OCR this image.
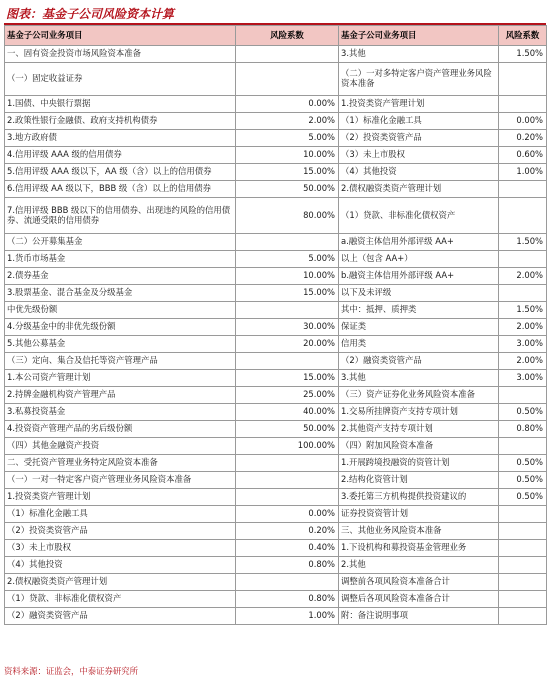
图表：基金子公司风险资本计算
基金子公司业务项目	风险系数	基金子公司业务项目	风险系数
一、固有资金投资市场风险资本准备		3.其他	1.50%
（一）固定收益证券		（二）一对多特定客户资产管理业务风险资本准备	
1.国债、中央银行票据	0.00%	1.投资类资产管理计划	
2.政策性银行金融债、政府支持机构债券	2.00%	（1）标准化金融工具	0.00%
3.地方政府债	5.00%	（2）投资类资管产品	0.20%
4.信用评级 AAA 级的信用债券	10.00%	（3）未上市股权	0.60%
5.信用评级 AAA 级以下，AA 级（含）以上的信用债券	15.00%	（4）其他投资	1.00%
6.信用评级 AA 级以下，BBB 级（含）以上的信用债券	50.00%	2.债权融资类资产管理计划	
7.信用评级 BBB 级以下的信用债券、出现违约风险的信用债券、流通受限的信用债券	80.00%	（1）贷款、非标准化债权资产	
（二）公开募集基金		a.融资主体信用外部评级 AA+	1.50%
1.货币市场基金	5.00%	以上（包含 AA+）	
2.债券基金	10.00%	b.融资主体信用外部评级 AA+	2.00%
3.股票基金、混合基金及分级基金	15.00%	以下及未评级	
中优先级份额		其中：抵押、质押类	1.50%
4.分级基金中的非优先级份额	30.00%	保证类	2.00%
5.其他公募基金	20.00%	信用类	3.00%
（三）定向、集合及信托等资产管理产品		（2）融资类资管产品	2.00%
1.本公司资产管理计划	15.00%	3.其他	3.00%
2.持牌金融机构资产管理产品	25.00%	（三）资产证券化业务风险资本准备	
3.私募投资基金	40.00%	1.交易所挂牌资产支持专项计划	0.50%
4.投资资产管理产品的劣后级份额	50.00%	2.其他资产支持专项计划	0.80%
（四）其他金融资产投资	100.00%	（四）附加风险资本准备	
二、受托资产管理业务特定风险资本准备		1.开展跨境投融资的资管计划	0.50%
（一）一对一特定客户资产管理业务风险资本准备		2.结构化资管计划	0.50%
1.投资类资产管理计划		3.委托第三方机构提供投资建议的	0.50%
（1）标准化金融工具	0.00%	证券投资资管计划	
（2）投资类资管产品	0.20%	三、其他业务风险资本准备	
（3）未上市股权	0.40%	1.下设机构和募投资基金管理业务	
（4）其他投资	0.80%	2.其他	
2.债权融资类资产管理计划		调整前各项风险资本准备合计	
（1）贷款、非标准化债权资产	0.80%	调整后各项风险资本准备合计	
（2）融资类资管产品	1.00%	附：备注说明事项	
资料来源：证监会，中泰证券研究所
